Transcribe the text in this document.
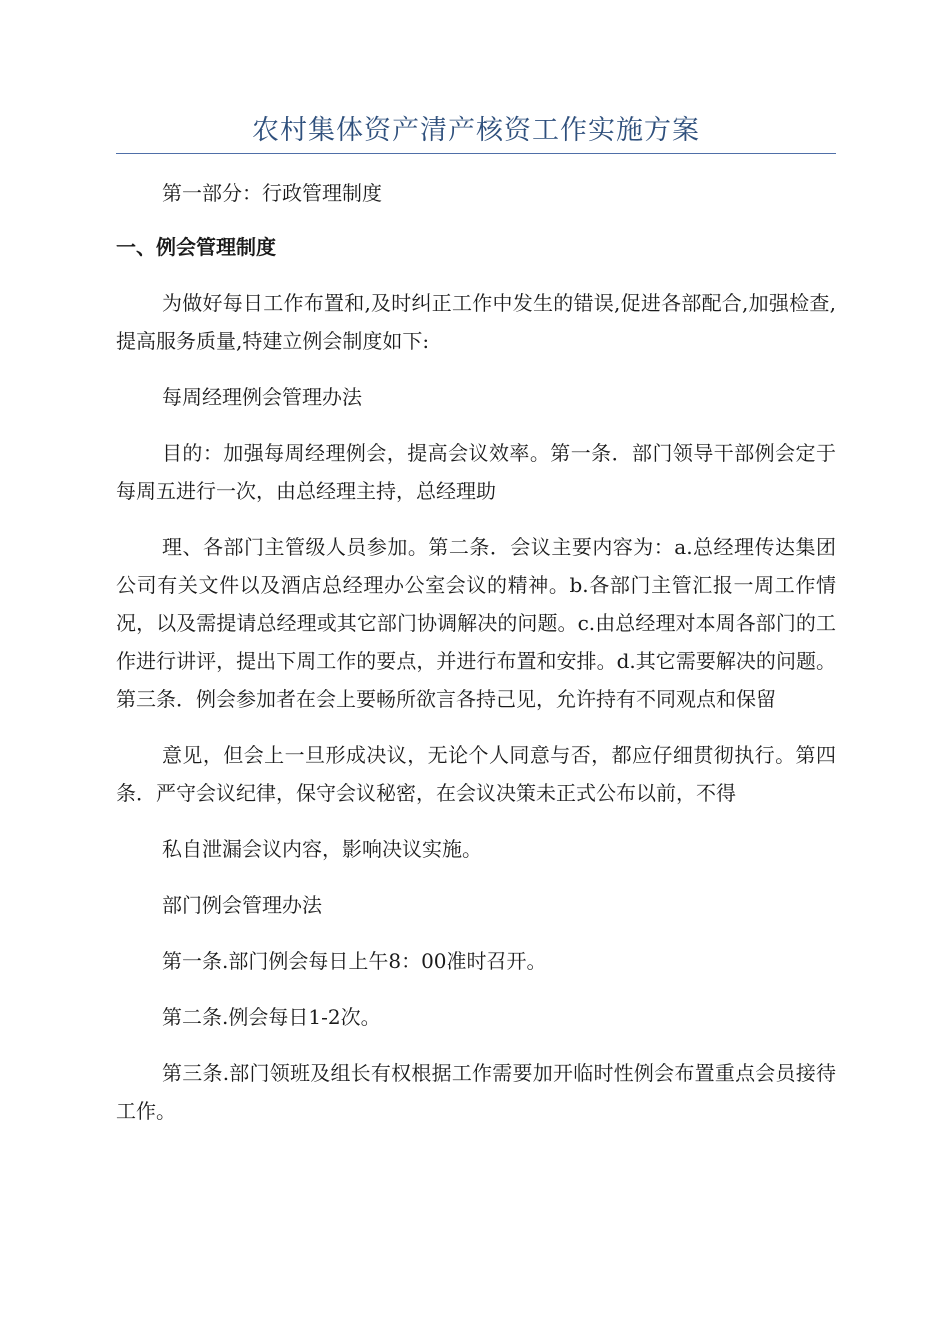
农村集体资产清产核资工作实施方案

第一部分：行政管理制度

一、例会管理制度

为做好每日工作布置和,及时纠正工作中发生的错误,促进各部配合,加强检查,提高服务质量,特建立例会制度如下:

每周经理例会管理办法

目的：加强每周经理例会，提高会议效率。第一条．部门领导干部例会定于每周五进行一次，由总经理主持，总经理助

理、各部门主管级人员参加。第二条．会议主要内容为：a.总经理传达集团公司有关文件以及酒店总经理办公室会议的精神。b.各部门主管汇报一周工作情况，以及需提请总经理或其它部门协调解决的问题。c.由总经理对本周各部门的工作进行讲评，提出下周工作的要点，并进行布置和安排。d.其它需要解决的问题。第三条．例会参加者在会上要畅所欲言各持己见，允许持有不同观点和保留

意见，但会上一旦形成决议，无论个人同意与否，都应仔细贯彻执行。第四条．严守会议纪律，保守会议秘密，在会议决策未正式公布以前，不得

私自泄漏会议内容，影响决议实施。

部门例会管理办法

第一条.部门例会每日上午8：00准时召开。

第二条.例会每日1-2次。

第三条.部门领班及组长有权根据工作需要加开临时性例会布置重点会员接待工作。
